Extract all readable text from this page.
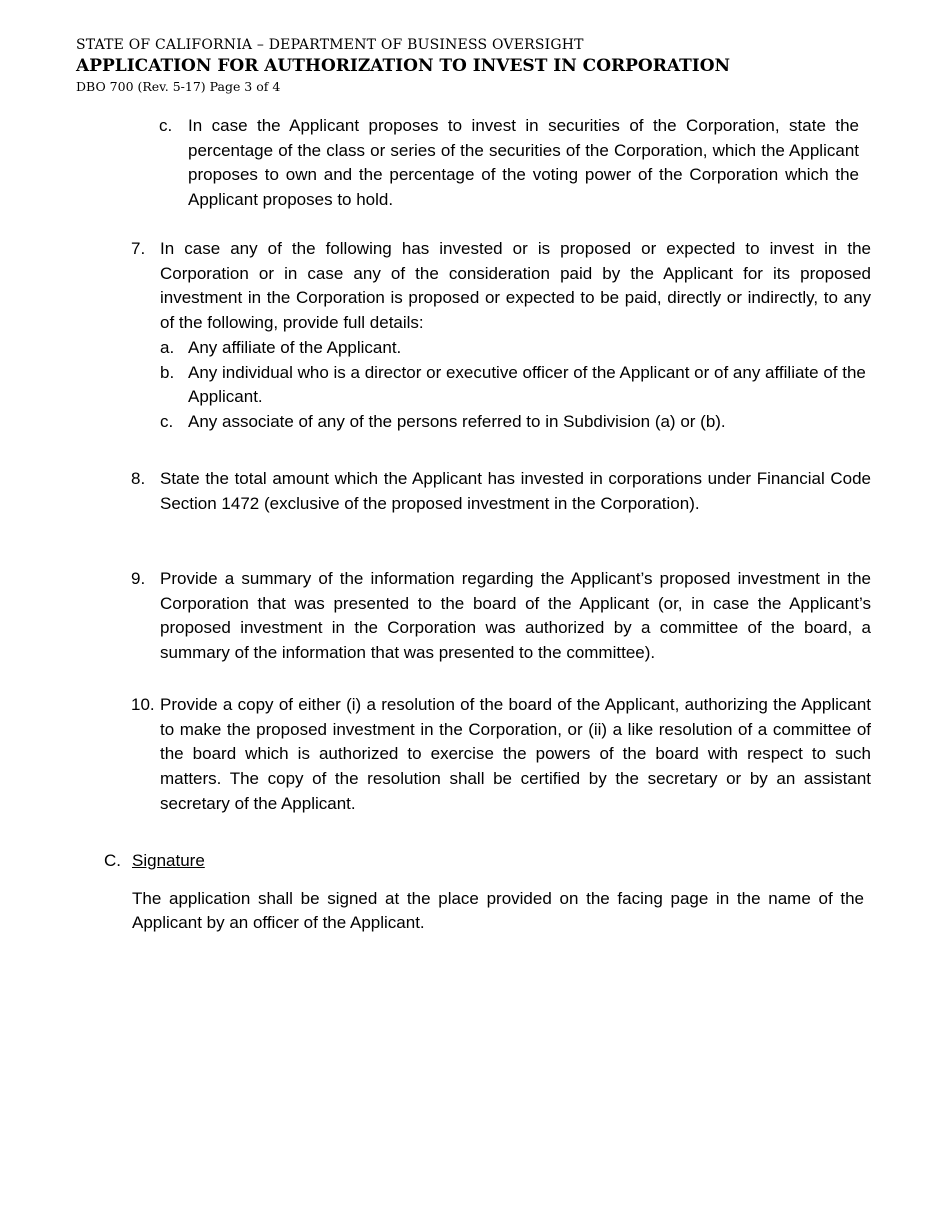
STATE OF CALIFORNIA – DEPARTMENT OF BUSINESS OVERSIGHT
APPLICATION FOR AUTHORIZATION TO INVEST IN CORPORATION
DBO 700 (Rev. 5-17) Page 3 of 4
c. In case the Applicant proposes to invest in securities of the Corporation, state the percentage of the class or series of the securities of the Corporation, which the Applicant proposes to own and the percentage of the voting power of the Corporation which the Applicant proposes to hold.
7. In case any of the following has invested or is proposed or expected to invest in the Corporation or in case any of the consideration paid by the Applicant for its proposed investment in the Corporation is proposed or expected to be paid, directly or indirectly, to any of the following, provide full details:
a. Any affiliate of the Applicant.
b. Any individual who is a director or executive officer of the Applicant or of any affiliate of the Applicant.
c. Any associate of any of the persons referred to in Subdivision (a) or (b).
8. State the total amount which the Applicant has invested in corporations under Financial Code Section 1472 (exclusive of the proposed investment in the Corporation).
9. Provide a summary of the information regarding the Applicant’s proposed investment in the Corporation that was presented to the board of the Applicant (or, in case the Applicant’s proposed investment in the Corporation was authorized by a committee of the board, a summary of the information that was presented to the committee).
10. Provide a copy of either (i) a resolution of the board of the Applicant, authorizing the Applicant to make the proposed investment in the Corporation, or (ii) a like resolution of a committee of the board which is authorized to exercise the powers of the board with respect to such matters. The copy of the resolution shall be certified by the secretary or by an assistant secretary of the Applicant.
C. Signature
The application shall be signed at the place provided on the facing page in the name of the Applicant by an officer of the Applicant.
